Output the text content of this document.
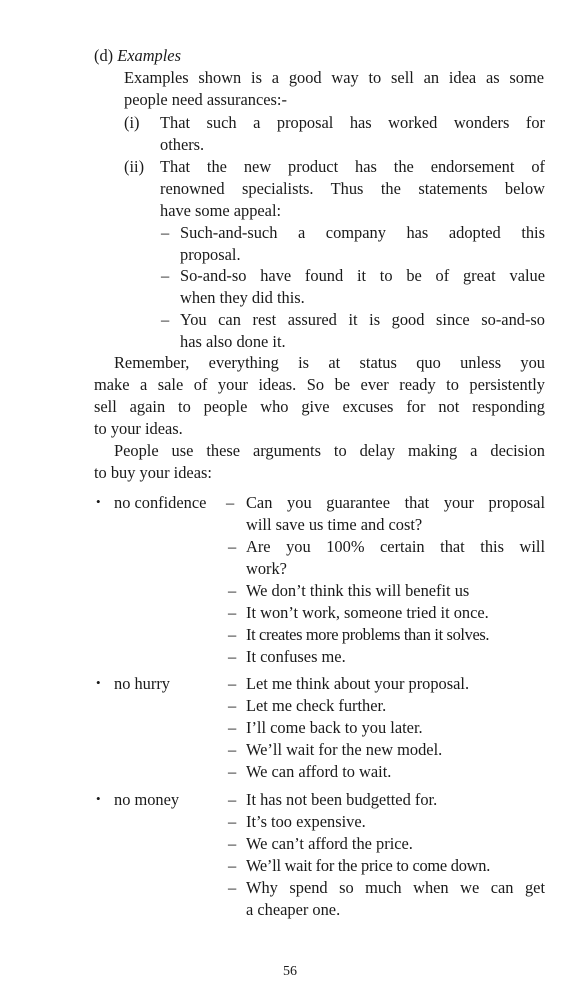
(d) Examples
Examples shown is a good way to sell an idea as some
people need assurances:-
(i) That such a proposal has worked wonders for
others.
(ii) That the new product has the endorsement of
renowned specialists. Thus the statements below
have some appeal:
– Such-and-such a company has adopted this
proposal.
– So-and-so have found it to be of great value
when they did this.
– You can rest assured it is good since so-and-so
has also done it.
Remember, everything is at status quo unless you
make a sale of your ideas. So be ever ready to persistently
sell again to people who give excuses for not responding
to your ideas.
People use these arguments to delay making a decision
to buy your ideas:
• no confidence – Can you guarantee that your proposal
will save us time and cost?
– Are you 100% certain that this will
work?
– We don’t think this will benefit us
– It won’t work, someone tried it once.
– It creates more problems than it solves.
– It confuses me.
• no hurry	– Let me think about your proposal.
– Let me check further.
– I’ll come back to you later.
– We’ll wait for the new model.
– We can afford to wait.
• no money	– It has not been budgetted for.
– It’s too expensive.
– We can’t afford the price.
– We’ll wait for the price to come down.
– Why spend so much when we can get
a cheaper one.
56
